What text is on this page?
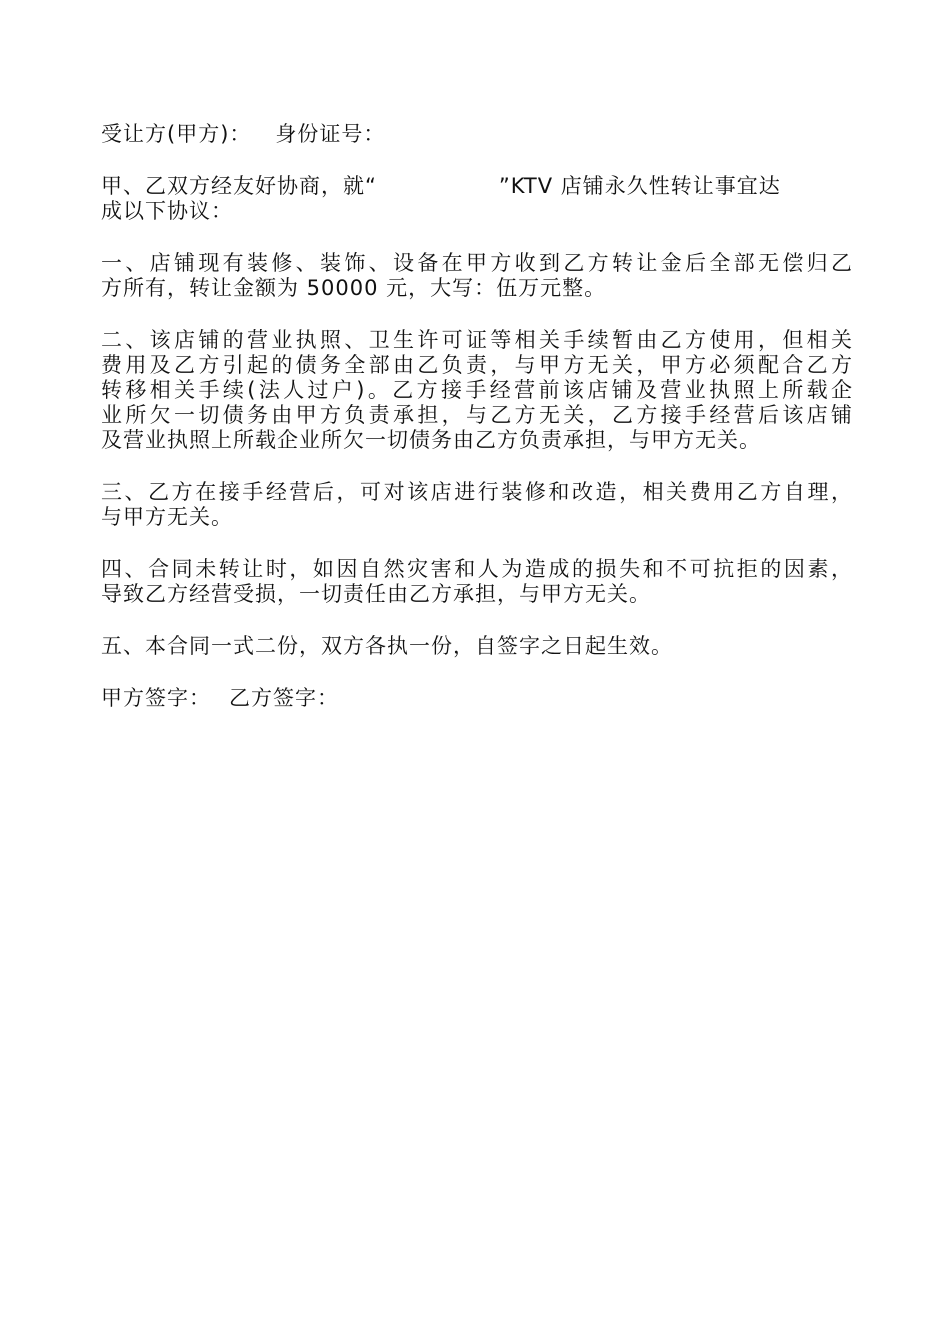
受让方(甲方)： 身份证号：

甲、乙双方经友好协商，就“	”KTV 店铺永久性转让事宜达
成以下协议：

一、店铺现有装修、装饰、设备在甲方收到乙方转让金后全部无偿归乙
方所有，转让金额为 50000 元，大写：伍万元整。

二、该店铺的营业执照、卫生许可证等相关手续暂由乙方使用，但相关
费用及乙方引起的债务全部由乙负责，与甲方无关，甲方必须配合乙方
转移相关手续(法人过户)。乙方接手经营前该店铺及营业执照上所载企
业所欠一切债务由甲方负责承担，与乙方无关，乙方接手经营后该店铺
及营业执照上所载企业所欠一切债务由乙方负责承担，与甲方无关。

三、乙方在接手经营后，可对该店进行装修和改造，相关费用乙方自理，
与甲方无关。

四、合同未转让时，如因自然灾害和人为造成的损失和不可抗拒的因素，
导致乙方经营受损，一切责任由乙方承担，与甲方无关。

五、本合同一式二份，双方各执一份，自签字之日起生效。

甲方签字： 乙方签字：
